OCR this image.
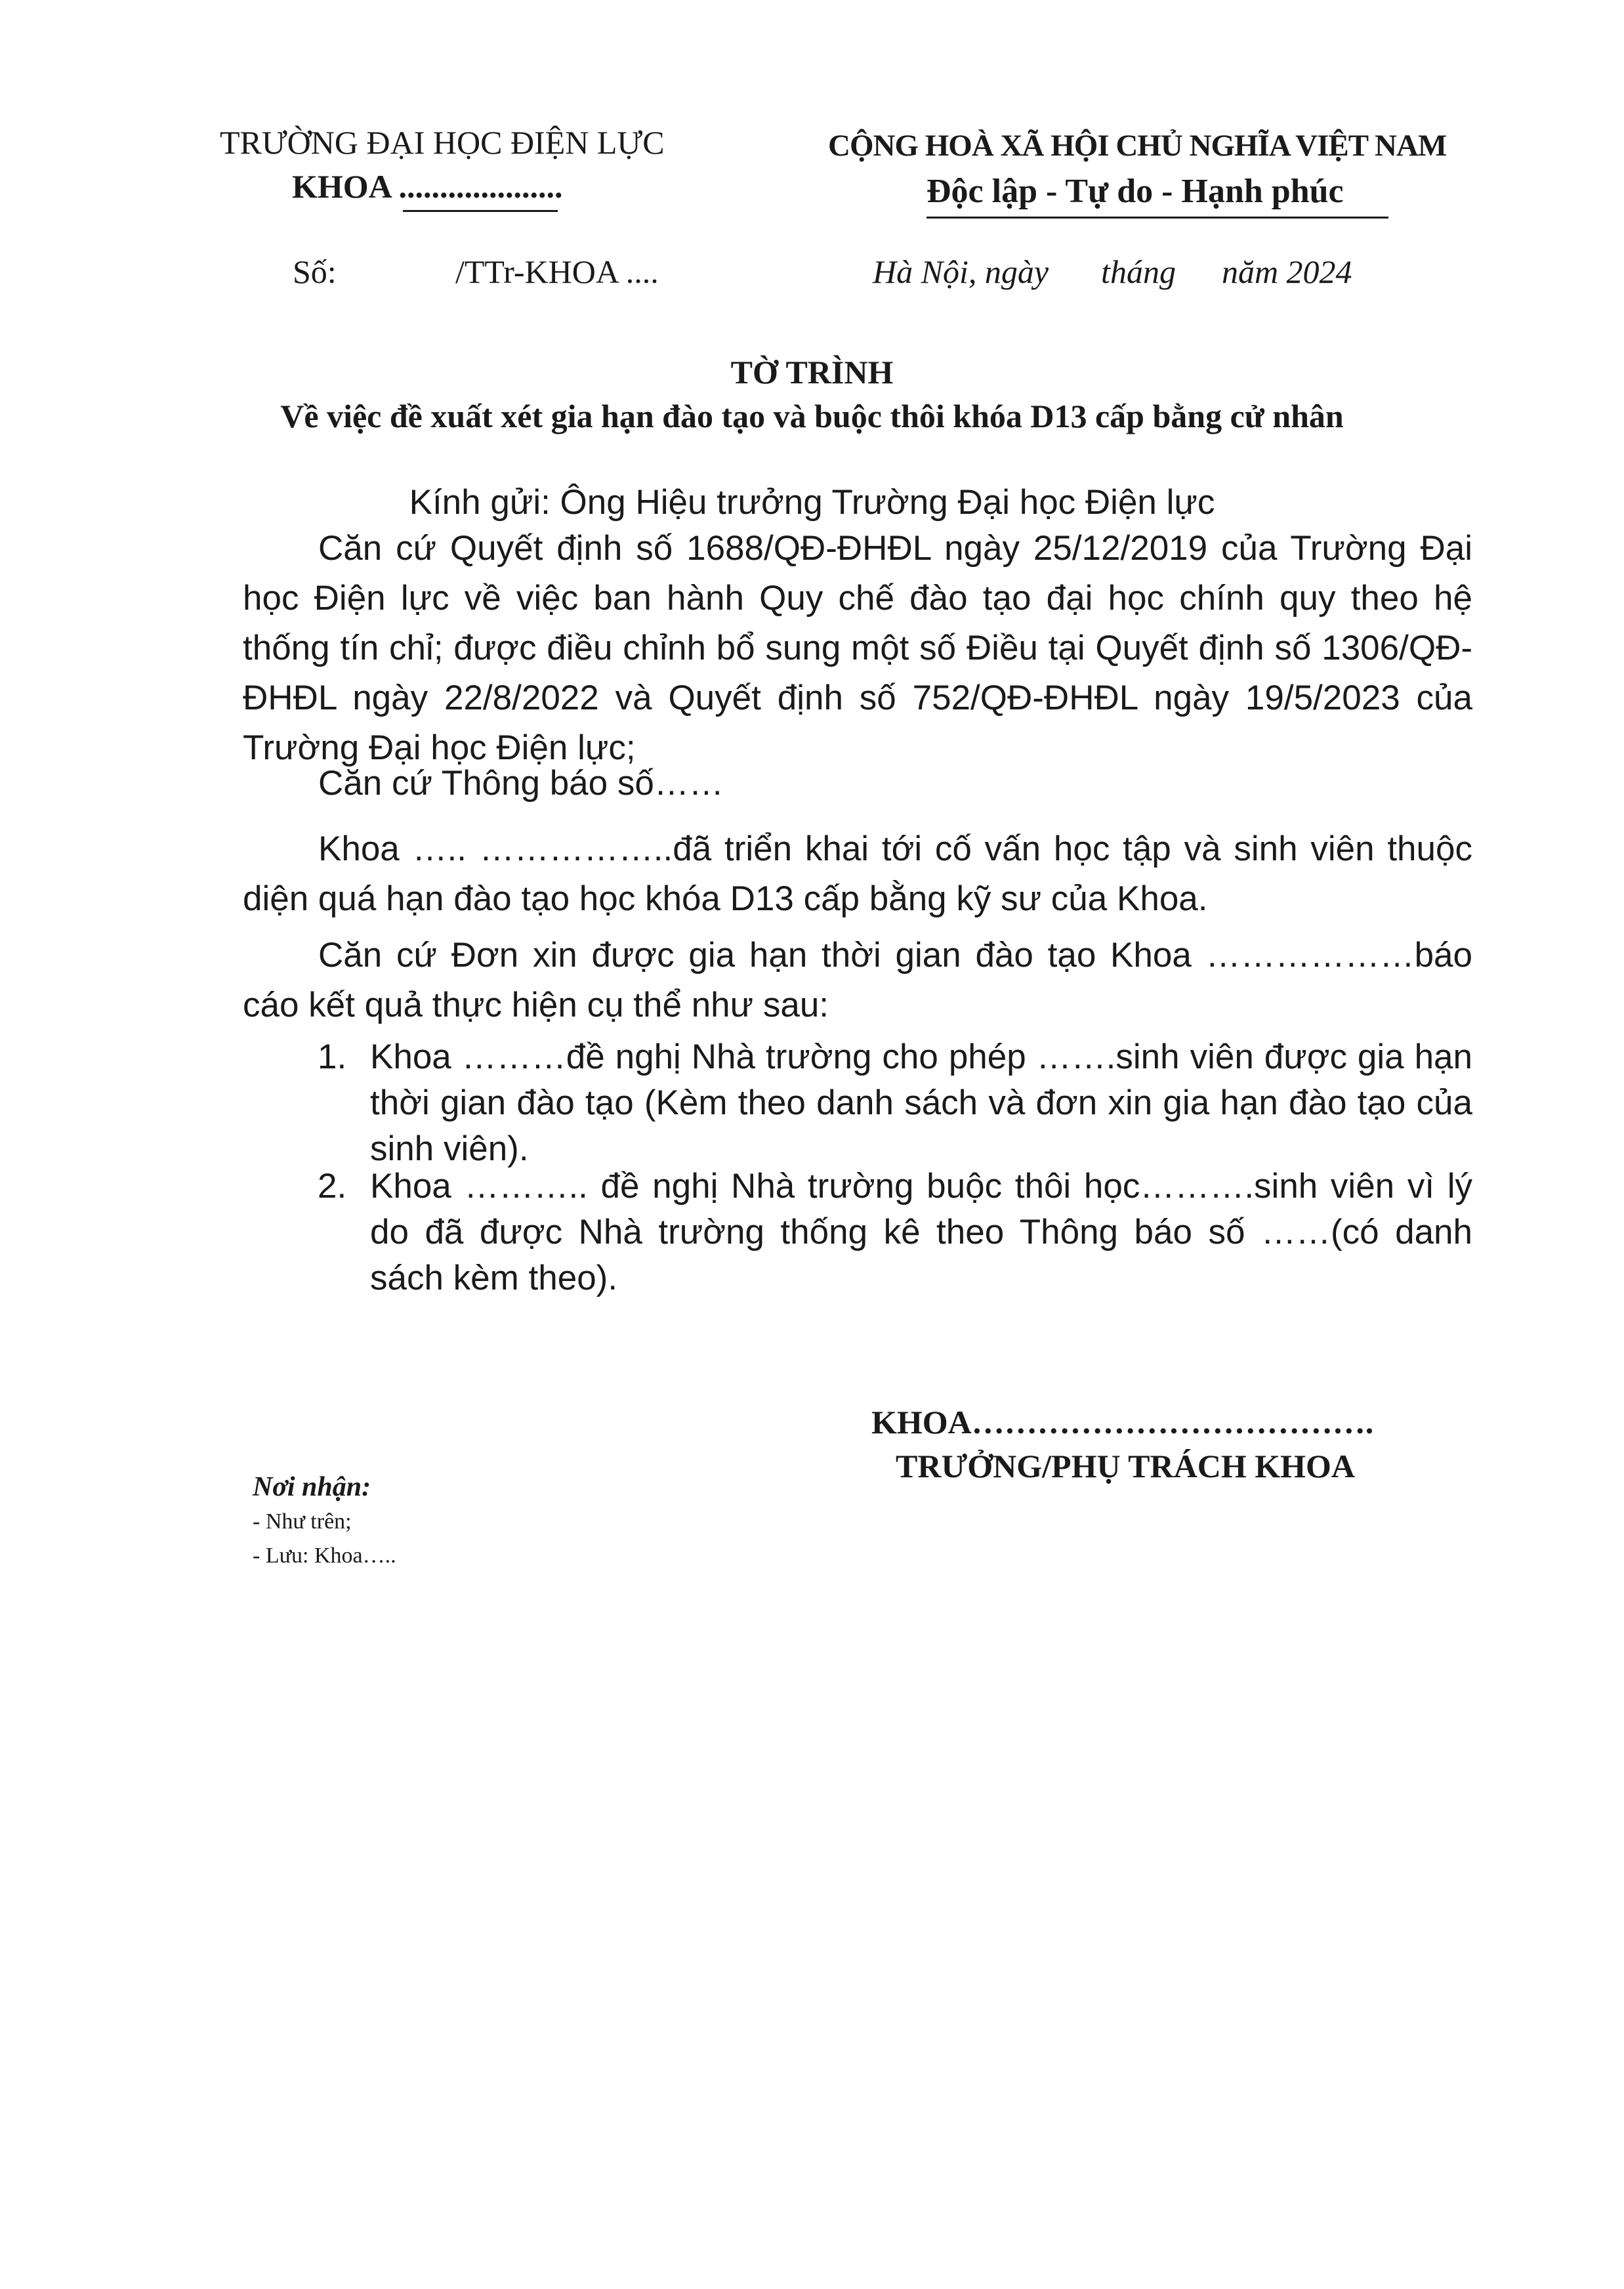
TRƯỜNG ĐẠI HỌC ĐIỆN LỰC
KHOA ....................
CỘNG HOÀ XÃ HỘI CHỦ NGHĨA VIỆT NAM
Độc lập - Tự do - Hạnh phúc
Số:	/TTr-KHOA ....	Hà Nội, ngày tháng năm 2024
TỜ TRÌNH
Về việc đề xuất xét gia hạn đào tạo và buộc thôi khóa D13 cấp bằng cử nhân
Kính gửi: Ông Hiệu trưởng Trường Đại học Điện lực
Căn cứ Quyết định số 1688/QĐ-ĐHĐL ngày 25/12/2019 của Trường Đại học Điện lực về việc ban hành Quy chế đào tạo đại học chính quy theo hệ thống tín chỉ; được điều chỉnh bổ sung một số Điều tại Quyết định số 1306/QĐ-ĐHĐL ngày 22/8/2022 và Quyết định số 752/QĐ-ĐHĐL ngày 19/5/2023 của Trường Đại học Điện lực;
Căn cứ Thông báo số……
Khoa ….. ……………..đã triển khai tới cố vấn học tập và sinh viên thuộc diện quá hạn đào tạo học khóa D13 cấp bằng kỹ sư của Khoa.
Căn cứ Đơn xin được gia hạn thời gian đào tạo Khoa ………………báo cáo kết quả thực hiện cụ thể như sau:
1. Khoa ………đề nghị Nhà trường cho phép …….sinh viên được gia hạn thời gian đào tạo (Kèm theo danh sách và đơn xin gia hạn đào tạo của sinh viên).
2. Khoa ……….. đề nghị Nhà trường buộc thôi học……….sinh viên vì lý do đã được Nhà trường thống kê theo Thông báo số ……(có danh sách kèm theo).
KHOA……………………………….
TRƯỞNG/PHỤ TRÁCH KHOA
Nơi nhận:
- Như trên;
- Lưu: Khoa…..
